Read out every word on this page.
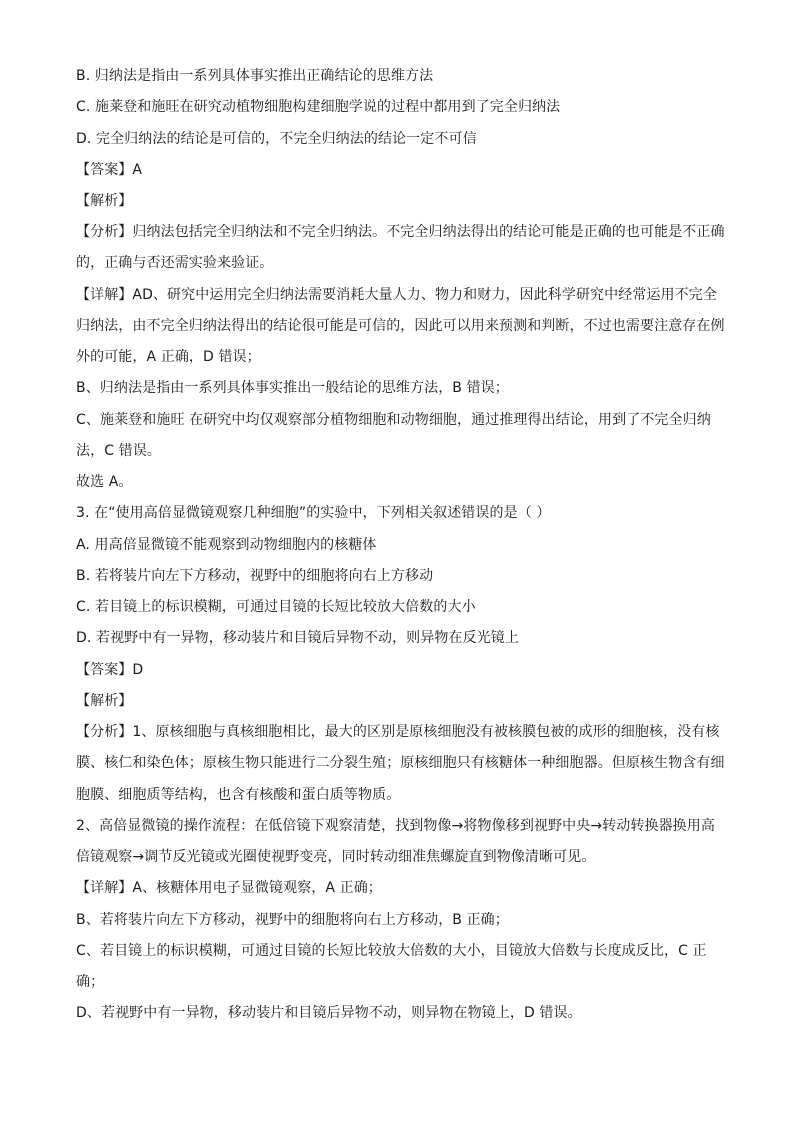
B. 归纳法是指由一系列具体事实推出正确结论的思维方法
C. 施莱登和施旺在研究动植物细胞构建细胞学说的过程中都用到了完全归纳法
D. 完全归纳法的结论是可信的，不完全归纳法的结论一定不可信
【答案】A
【解析】
【分析】归纳法包括完全归纳法和不完全归纳法。不完全归纳法得出的结论可能是正确的也可能是不正确
的，正确与否还需实验来验证。
【详解】AD、研究中运用完全归纳法需要消耗大量人力、物力和财力，因此科学研究中经常运用不完全
归纳法，由不完全归纳法得出的结论很可能是可信的，因此可以用来预测和判断，不过也需要注意存在例
外的可能，A 正确，D 错误；
B、归纳法是指由一系列具体事实推出一般结论的思维方法，B 错误；
C、施莱登和施旺 在研究中均仅观察部分植物细胞和动物细胞，通过推理得出结论，用到了不完全归纳
法，C 错误。
故选 A。
3. 在“使用高倍显微镜观察几种细胞”的实验中，下列相关叙述错误的是（ ）
A. 用高倍显微镜不能观察到动物细胞内的核糖体
B. 若将装片向左下方移动，视野中的细胞将向右上方移动
C. 若目镜上的标识模糊，可通过目镜的长短比较放大倍数的大小
D. 若视野中有一异物，移动装片和目镜后异物不动，则异物在反光镜上
【答案】D
【解析】
【分析】1、原核细胞与真核细胞相比，最大的区别是原核细胞没有被核膜包被的成形的细胞核，没有核
膜、核仁和染色体；原核生物只能进行二分裂生殖；原核细胞只有核糖体一种细胞器。但原核生物含有细
胞膜、细胞质等结构，也含有核酸和蛋白质等物质。
2、高倍显微镜的操作流程：在低倍镜下观察清楚，找到物像→将物像移到视野中央→转动转换器换用高
倍镜观察→调节反光镜或光圈使视野变亮，同时转动细准焦螺旋直到物像清晰可见。
【详解】A、核糖体用电子显微镜观察，A 正确；
B、若将装片向左下方移动，视野中的细胞将向右上方移动，B 正确；
C、若目镜上的标识模糊，可通过目镜的长短比较放大倍数的大小，目镜放大倍数与长度成反比，C 正
确；
D、若视野中有一异物，移动装片和目镜后异物不动，则异物在物镜上，D 错误。
